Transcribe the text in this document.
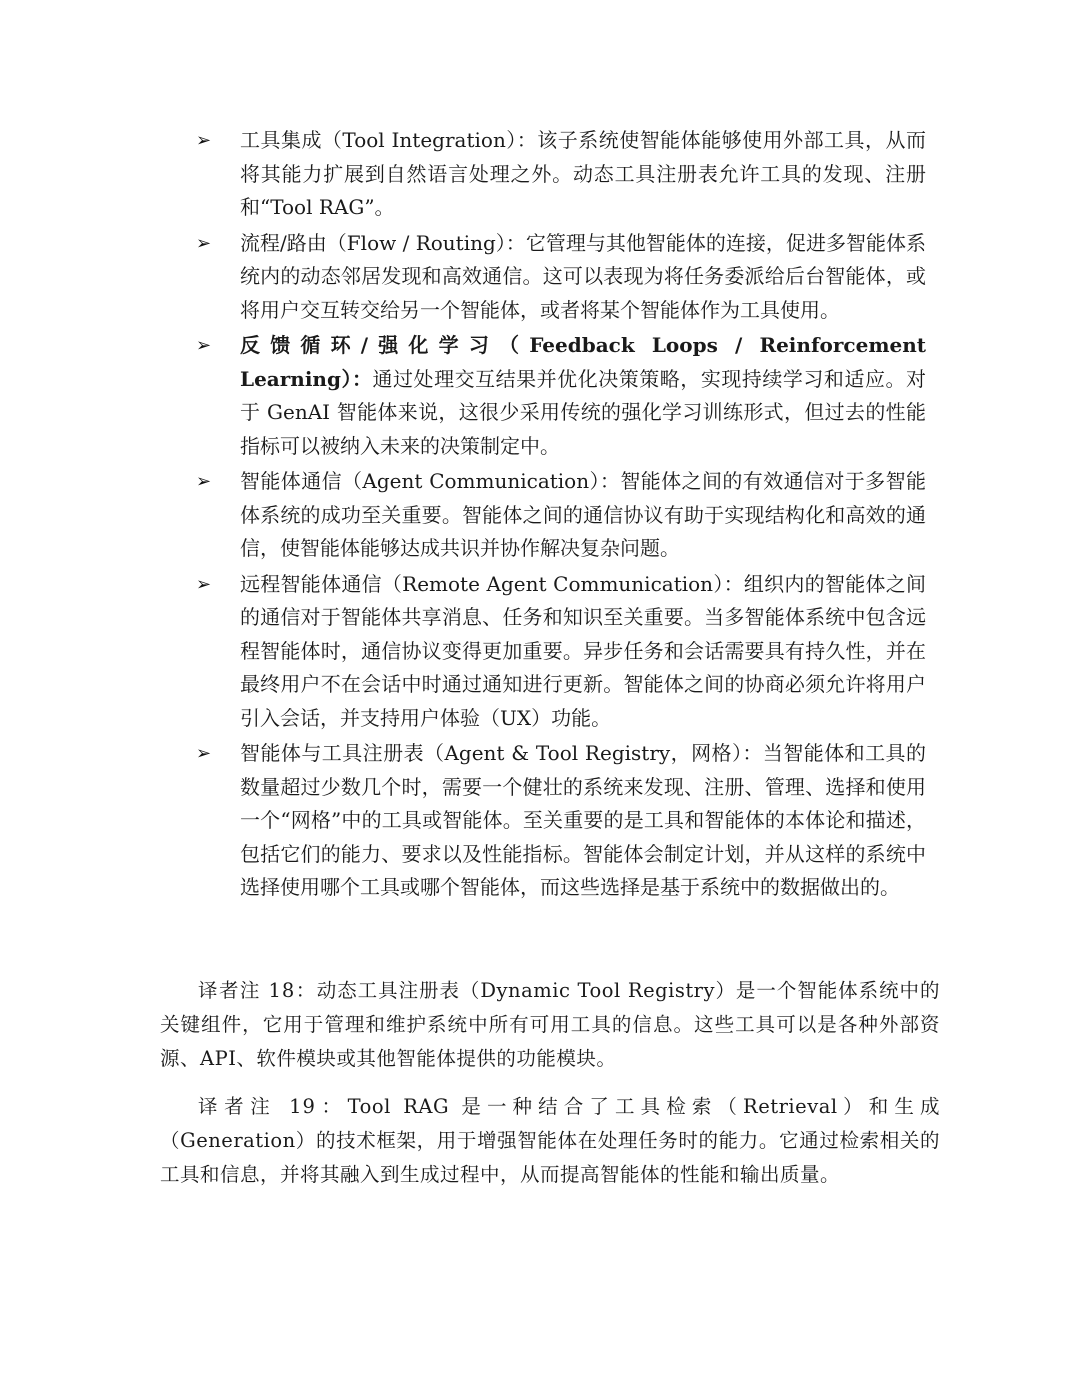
➢	工具集成（Tool Integration）：该子系统使智能体能够使用外部工具，从而将其能力扩展到自然语言处理之外。动态工具注册表允许工具的发现、注册和“Tool RAG”。
➢	流程/路由（Flow / Routing）：它管理与其他智能体的连接，促进多智能体系统内的动态邻居发现和高效通信。这可以表现为将任务委派给后台智能体，或将用户交互转交给另一个智能体，或者将某个智能体作为工具使用。
➢	反馈循环/强化学习（Feedback Loops / Reinforcement Learning）：通过处理交互结果并优化决策策略，实现持续学习和适应。对于 GenAI 智能体来说，这很少采用传统的强化学习训练形式，但过去的性能指标可以被纳入未来的决策制定中。
➢	智能体通信（Agent Communication）：智能体之间的有效通信对于多智能体系统的成功至关重要。智能体之间的通信协议有助于实现结构化和高效的通信，使智能体能够达成共识并协作解决复杂问题。
➢	远程智能体通信（Remote Agent Communication）：组织内的智能体之间的通信对于智能体共享消息、任务和知识至关重要。当多智能体系统中包含远程智能体时，通信协议变得更加重要。异步任务和会话需要具有持久性，并在最终用户不在会话中时通过通知进行更新。智能体之间的协商必须允许将用户引入会话，并支持用户体验（UX）功能。
➢	智能体与工具注册表（Agent & Tool Registry，网格）：当智能体和工具的数量超过少数几个时，需要一个健壮的系统来发现、注册、管理、选择和使用一个“网格”中的工具或智能体。至关重要的是工具和智能体的本体论和描述，包括它们的能力、要求以及性能指标。智能体会制定计划，并从这样的系统中选择使用哪个工具或哪个智能体，而这些选择是基于系统中的数据做出的。

译者注 18：动态工具注册表（Dynamic Tool Registry）是一个智能体系统中的关键组件，它用于管理和维护系统中所有可用工具的信息。这些工具可以是各种外部资源、API、软件模块或其他智能体提供的功能模块。

译者注 19：Tool RAG 是一种结合了工具检索（Retrieval）和生成（Generation）的技术框架，用于增强智能体在处理任务时的能力。它通过检索相关的工具和信息，并将其融入到生成过程中，从而提高智能体的性能和输出质量。
